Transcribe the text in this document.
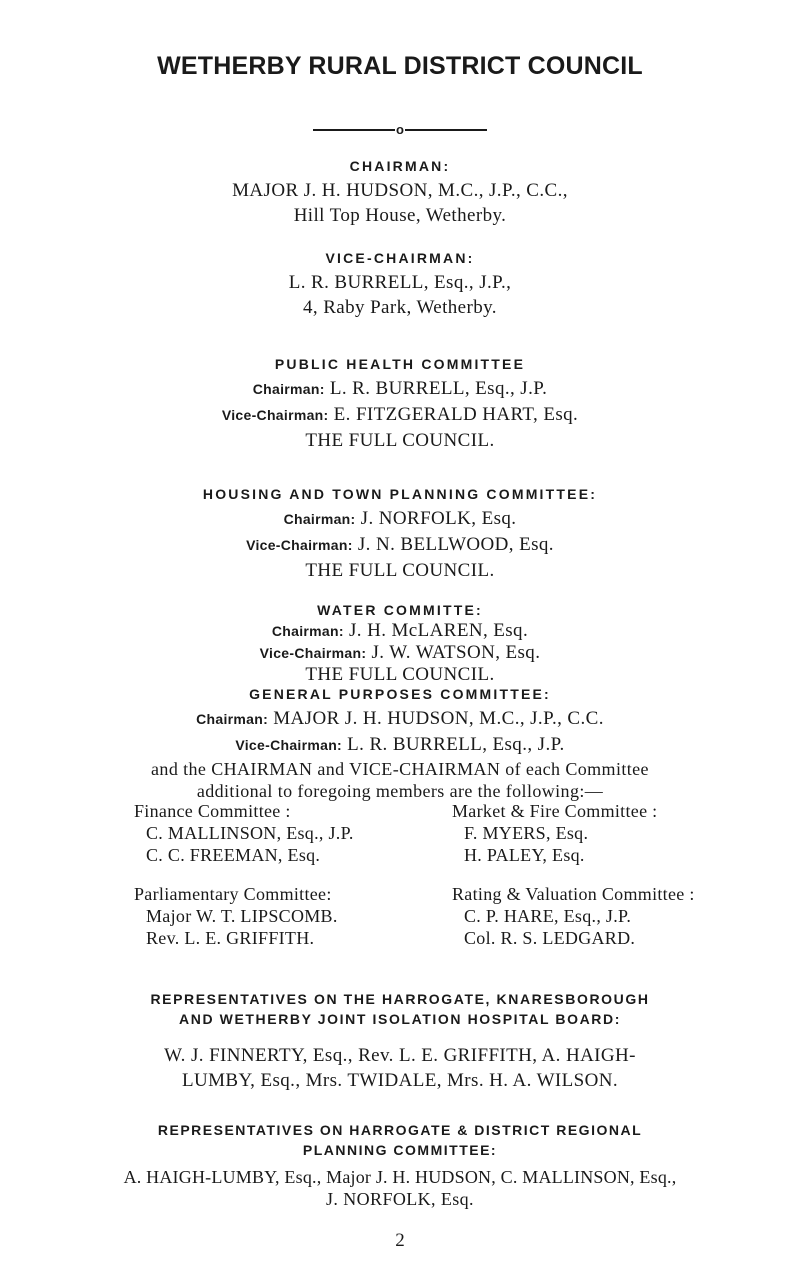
WETHERBY RURAL DISTRICT COUNCIL
o
CHAIRMAN:
MAJOR J. H. HUDSON, M.C., J.P., C.C.,
Hill Top House, Wetherby.
VICE-CHAIRMAN:
L. R. BURRELL, Esq., J.P.,
4, Raby Park, Wetherby.
PUBLIC HEALTH COMMITTEE
Chairman: L. R. BURRELL, Esq., J.P.
Vice-Chairman: E. FITZGERALD HART, Esq.
THE FULL COUNCIL.
HOUSING AND TOWN PLANNING COMMITTEE:
Chairman: J. NORFOLK, Esq.
Vice-Chairman: J. N. BELLWOOD, Esq.
THE FULL COUNCIL.
WATER COMMITTE:
Chairman: J. H. McLAREN, Esq.
Vice-Chairman: J. W. WATSON, Esq.
THE FULL COUNCIL.
GENERAL PURPOSES COMMITTEE:
Chairman: MAJOR J. H. HUDSON, M.C., J.P., C.C.
Vice-Chairman: L. R. BURRELL, Esq., J.P.
and the CHAIRMAN and VICE-CHAIRMAN of each Committee
additional to foregoing members are the following:—
Finance Committee :
C. MALLINSON, Esq., J.P.
C. C. FREEMAN, Esq.
Market & Fire Committee :
F. MYERS, Esq.
H. PALEY, Esq.
Parliamentary Committee:
Major W. T. LIPSCOMB.
Rev. L. E. GRIFFITH.
Rating & Valuation Committee :
C. P. HARE, Esq., J.P.
Col. R. S. LEDGARD.
REPRESENTATIVES ON THE HARROGATE, KNARESBOROUGH
AND WETHERBY JOINT ISOLATION HOSPITAL BOARD:
W. J. FINNERTY, Esq., Rev. L. E. GRIFFITH, A. HAIGH-
LUMBY, Esq., Mrs. TWIDALE, Mrs. H. A. WILSON.
REPRESENTATIVES ON HARROGATE & DISTRICT REGIONAL
PLANNING COMMITTEE:
A. HAIGH-LUMBY, Esq., Major J. H. HUDSON, C. MALLINSON, Esq.,
J. NORFOLK, Esq.
2
